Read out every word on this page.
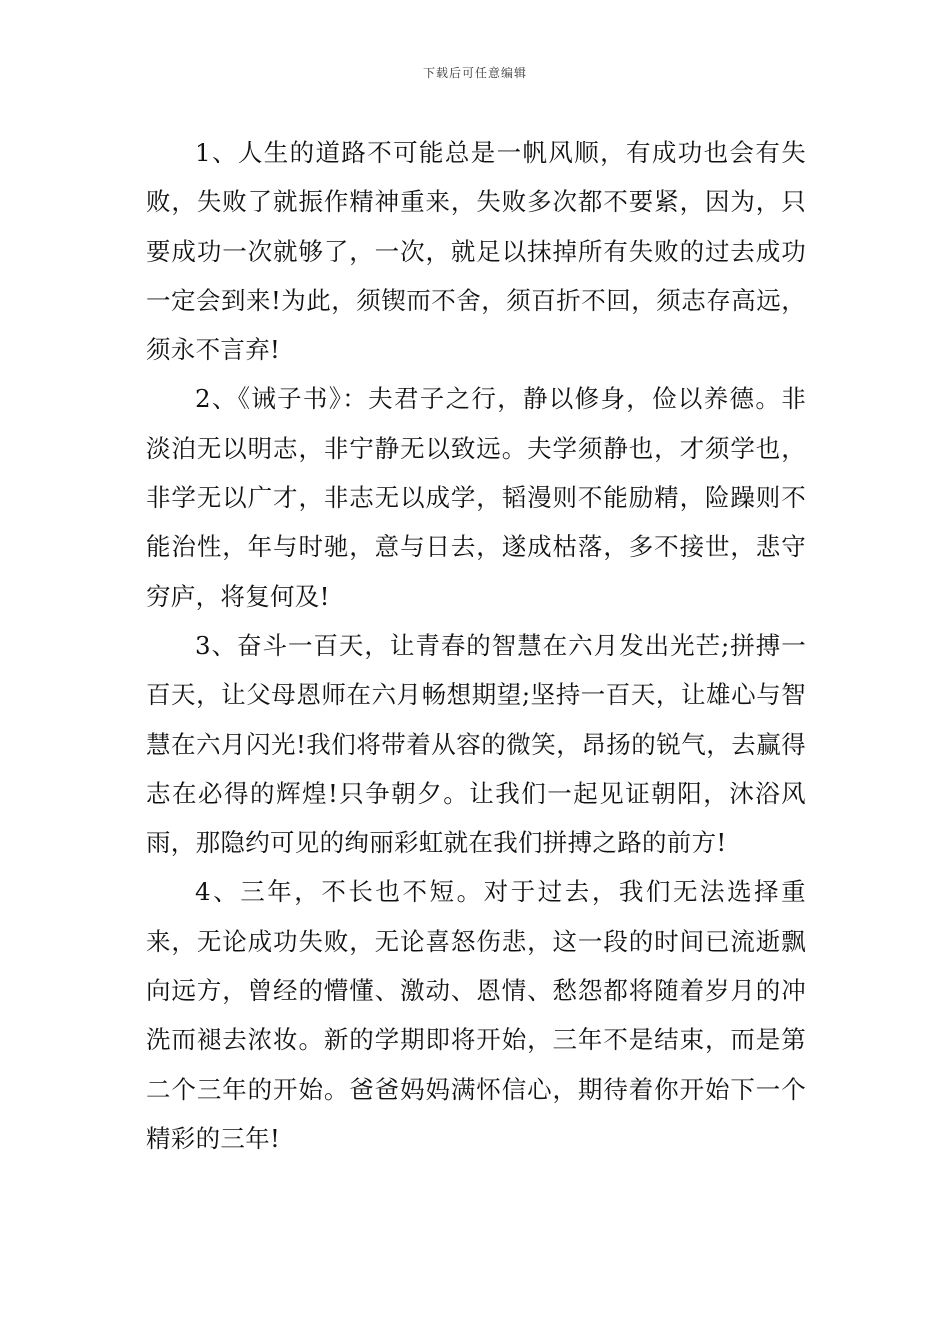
下载后可任意编辑

1、人生的道路不可能总是一帆风顺，有成功也会有失败，失败了就振作精神重来，失败多次都不要紧，因为，只要成功一次就够了，一次，就足以抹掉所有失败的过去成功一定会到来!为此，须锲而不舍，须百折不回，须志存高远，须永不言弃!

2、《诫子书》：夫君子之行，静以修身，俭以养德。非淡泊无以明志，非宁静无以致远。夫学须静也，才须学也，非学无以广才，非志无以成学，韬漫则不能励精，险躁则不能治性，年与时驰，意与日去，遂成枯落，多不接世，悲守穷庐，将复何及!

3、奋斗一百天，让青春的智慧在六月发出光芒;拼搏一百天，让父母恩师在六月畅想期望;坚持一百天，让雄心与智慧在六月闪光!我们将带着从容的微笑，昂扬的锐气，去赢得志在必得的辉煌!只争朝夕。让我们一起见证朝阳，沐浴风雨，那隐约可见的绚丽彩虹就在我们拼搏之路的前方!

4、三年，不长也不短。对于过去，我们无法选择重来，无论成功失败，无论喜怒伤悲，这一段的时间已流逝飘向远方，曾经的懵懂、激动、恩情、愁怨都将随着岁月的冲洗而褪去浓妆。新的学期即将开始，三年不是结束，而是第二个三年的开始。爸爸妈妈满怀信心，期待着你开始下一个精彩的三年!
